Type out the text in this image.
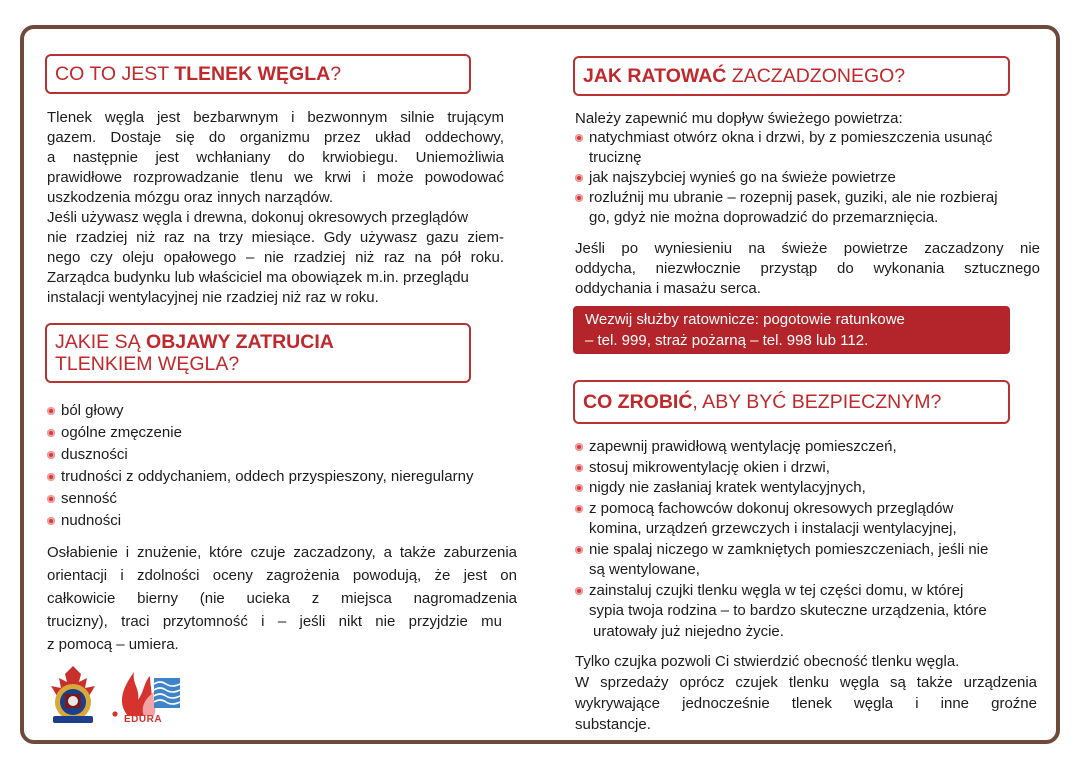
CO TO JEST TLENEK WĘGLA?
Tlenek węgla jest bezbarwnym i bezwonnym silnie trującym
gazem. Dostaje się do organizmu przez układ oddechowy,
a następnie jest wchłaniany do krwiobiegu. Uniemożliwia
prawidłowe rozprowadzanie tlenu we krwi i może powodować
uszkodzenia mózgu oraz innych narządów.
Jeśli używasz węgla i drewna, dokonuj okresowych przeglądów
nie rzadziej niż raz na trzy miesiące. Gdy używasz gazu ziem-
nego czy oleju opałowego – nie rzadziej niż raz na pół roku.
Zarządca budynku lub właściciel ma obowiązek m.in. przeglądu
instalacji wentylacyjnej nie rzadziej niż raz w roku.
JAKIE SĄ OBJAWY ZATRUCIA
TLENKIEM WĘGLA?
ból głowy
ogólne zmęczenie
duszności
trudności z oddychaniem, oddech przyspieszony, nieregularny
senność
nudności
Osłabienie i znużenie, które czuje zaczadzony, a także zaburzenia
orientacji i zdolności oceny zagrożenia powodują, że jest on
całkowicie bierny (nie ucieka z miejsca nagromadzenia
trucizny), traci przytomność i – jeśli nikt nie przyjdzie mu
z pomocą – umiera.
EDURA
JAK RATOWAĆ ZACZADZONEGO?
Należy zapewnić mu dopływ świeżego powietrza:
natychmiast otwórz okna i drzwi, by z pomieszczenia usunąć
truciznę
jak najszybciej wynieś go na świeże powietrze
rozluźnij mu ubranie – rozepnij pasek, guziki, ale nie rozbieraj
go, gdyż nie można doprowadzić do przemarznięcia.
Jeśli po wyniesieniu na świeże powietrze zaczadzony nie
oddycha, niezwłocznie przystąp do wykonania sztucznego
oddychania i masażu serca.
Wezwij służby ratownicze: pogotowie ratunkowe
– tel. 999, straż pożarną – tel. 998 lub 112.
CO ZROBIĆ, ABY BYĆ BEZPIECZNYM?
zapewnij prawidłową wentylację pomieszczeń,
stosuj mikrowentylację okien i drzwi,
nigdy nie zasłaniaj kratek wentylacyjnych,
z pomocą fachowców dokonuj okresowych przeglądów
komina, urządzeń grzewczych i instalacji wentylacyjnej,
nie spalaj niczego w zamkniętych pomieszczeniach, jeśli nie
są wentylowane,
zainstaluj czujki tlenku węgla w tej części domu, w której
sypia twoja rodzina – to bardzo skuteczne urządzenia, które
uratowały już niejedno życie.
Tylko czujka pozwoli Ci stwierdzić obecność tlenku węgla.
W sprzedaży oprócz czujek tlenku węgla są także urządzenia
wykrywające jednocześnie tlenek węgla i inne groźne
substancje.
